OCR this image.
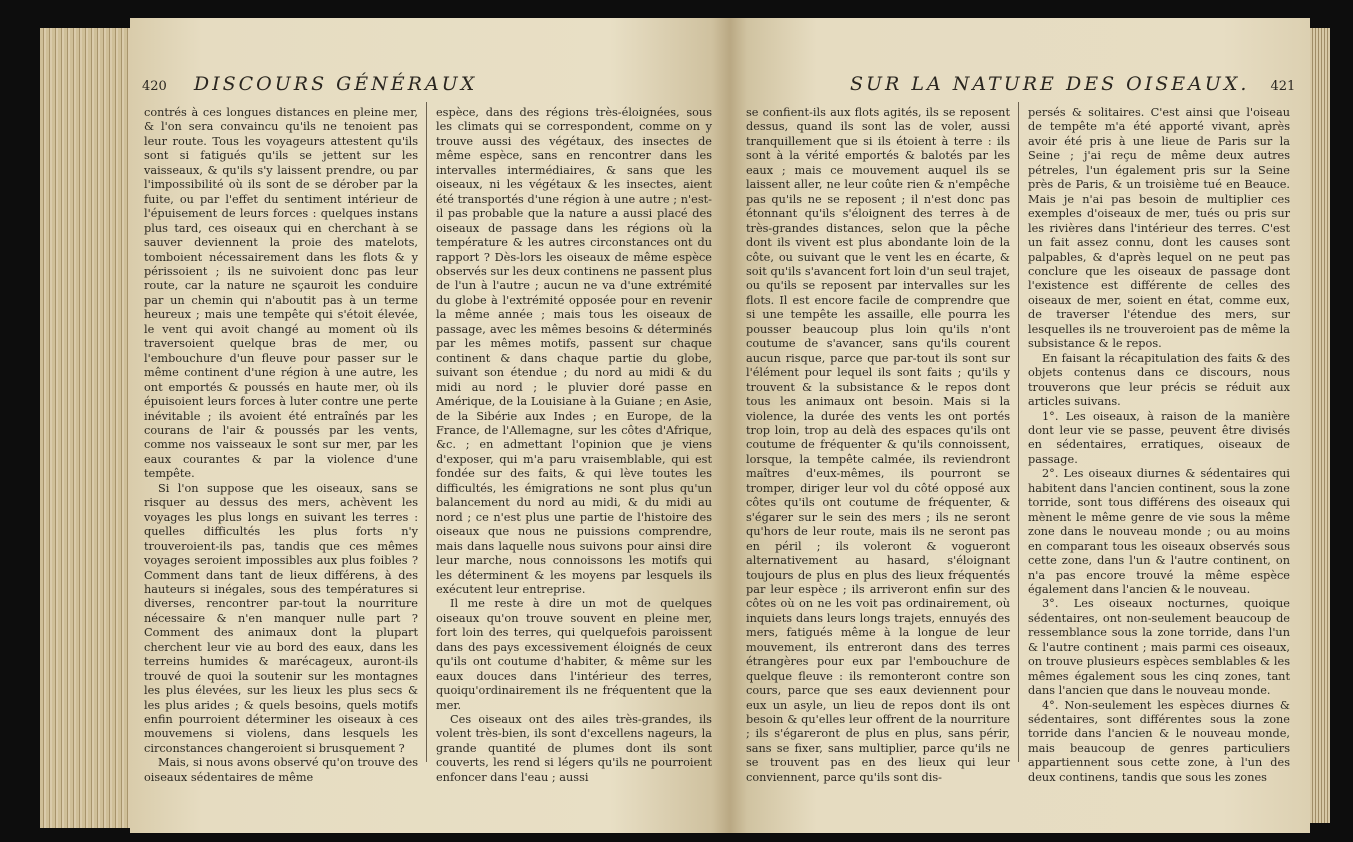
420 DISCOURS GÉNÉRAUX

contrés à ces longues distances en pleine mer, & l'on sera convaincu qu'ils ne tenoient pas leur route. Tous les voyageurs attestent qu'ils sont si fatigués qu'ils se jettent sur les vaisseaux, & qu'ils s'y laissent prendre, ou par l'impossibilité où ils sont de se dérober par la fuite, ou par l'effet du sentiment intérieur de l'épuisement de leurs forces : quelques instans plus tard, ces oiseaux qui en cherchant à se sauver deviennent la proie des matelots, tomboient nécessairement dans les flots & y périssoient ; ils ne suivoient donc pas leur route, car la nature ne sçauroit les conduire par un chemin qui n'aboutit pas à un terme heureux ; mais une tempête qui s'étoit élevée, le vent qui avoit changé au moment où ils traversoient quelque bras de mer, ou l'embouchure d'un fleuve pour passer sur le même continent d'une région à une autre, les ont emportés & poussés en haute mer, où ils épuisoient leurs forces à luter contre une perte inévitable ; ils avoient été entraînés par les courans de l'air & poussés par les vents, comme nos vaisseaux le sont sur mer, par les eaux courantes & par la violence d'une tempête.

Si l'on suppose que les oiseaux, sans se risquer au dessus des mers, achèvent les voyages les plus longs en suivant les terres : quelles difficultés les plus forts n'y trouveroient-ils pas, tandis que ces mêmes voyages seroient impossibles aux plus foibles ? Comment dans tant de lieux différens, à des hauteurs si inégales, sous des températures si diverses, rencontrer par-tout la nourriture nécessaire & n'en manquer nulle part ? Comment des animaux dont la plupart cherchent leur vie au bord des eaux, dans les terreins humides & marécageux, auront-ils trouvé de quoi la soutenir sur les montagnes les plus élevées, sur les lieux les plus secs & les plus arides ; & quels besoins, quels motifs enfin pourroient déterminer les oiseaux à ces mouvemens si violens, dans lesquels les circonstances changeroient si brusquement ?

Mais, si nous avons observé qu'on trouve des oiseaux sédentaires de même

espèce, dans des régions très-éloignées, sous les climats qui se correspondent, comme on y trouve aussi des végétaux, des insectes de même espèce, sans en rencontrer dans les intervalles intermédiaires, & sans que les oiseaux, ni les végétaux & les insectes, aient été transportés d'une région à une autre ; n'est-il pas probable que la nature a aussi placé des oiseaux de passage dans les régions où la température & les autres circonstances ont du rapport ? Dès-lors les oiseaux de même espèce observés sur les deux continens ne passent plus de l'un à l'autre ; aucun ne va d'une extrémité du globe à l'extrémité opposée pour en revenir la même année ; mais tous les oiseaux de passage, avec les mêmes besoins & déterminés par les mêmes motifs, passent sur chaque continent & dans chaque partie du globe, suivant son étendue ; du nord au midi & du midi au nord ; le pluvier doré passe en Amérique, de la Louisiane à la Guiane ; en Asie, de la Sibérie aux Indes ; en Europe, de la France, de l'Allemagne, sur les côtes d'Afrique, &c. ; en admettant l'opinion que je viens d'exposer, qui m'a paru vraisemblable, qui est fondée sur des faits, & qui lève toutes les difficultés, les émigrations ne sont plus qu'un balancement du nord au midi, & du midi au nord ; ce n'est plus une partie de l'histoire des oiseaux que nous ne puissions comprendre, mais dans laquelle nous suivons pour ainsi dire leur marche, nous connoissons les motifs qui les déterminent & les moyens par lesquels ils exécutent leur entreprise.

Il me reste à dire un mot de quelques oiseaux qu'on trouve souvent en pleine mer, fort loin des terres, qui quelquefois paroissent dans des pays excessivement éloignés de ceux qu'ils ont coutume d'habiter, & même sur les eaux douces dans l'intérieur des terres, quoiqu'ordinairement ils ne fréquentent que la mer.

Ces oiseaux ont des ailes très-grandes, ils volent très-bien, ils sont d'excellens nageurs, la grande quantité de plumes dont ils sont couverts, les rend si légers qu'ils ne pourroient enfoncer dans l'eau ; aussi

SUR LA NATURE DES OISEAUX. 421

se confient-ils aux flots agités, ils se reposent dessus, quand ils sont las de voler, aussi tranquillement que si ils étoient à terre : ils sont à la vérité emportés & balotés par les eaux ; mais ce mouvement auquel ils se laissent aller, ne leur coûte rien & n'empêche pas qu'ils ne se reposent ; il n'est donc pas étonnant qu'ils s'éloignent des terres à de très-grandes distances, selon que la pêche dont ils vivent est plus abondante loin de la côte, ou suivant que le vent les en écarte, & soit qu'ils s'avancent fort loin d'un seul trajet, ou qu'ils se reposent par intervalles sur les flots. Il est encore facile de comprendre que si une tempête les assaille, elle pourra les pousser beaucoup plus loin qu'ils n'ont coutume de s'avancer, sans qu'ils courent aucun risque, parce que par-tout ils sont sur l'élément pour lequel ils sont faits ; qu'ils y trouvent & la subsistance & le repos dont tous les animaux ont besoin. Mais si la violence, la durée des vents les ont portés trop loin, trop au delà des espaces qu'ils ont coutume de fréquenter & qu'ils connoissent, lorsque, la tempête calmée, ils reviendront maîtres d'eux-mêmes, ils pourront se tromper, diriger leur vol du côté opposé aux côtes qu'ils ont coutume de fréquenter, & s'égarer sur le sein des mers ; ils ne seront qu'hors de leur route, mais ils ne seront pas en péril ; ils voleront & vogueront alternativement au hasard, s'éloignant toujours de plus en plus des lieux fréquentés par leur espèce ; ils arriveront enfin sur des côtes où on ne les voit pas ordinairement, où inquiets dans leurs longs trajets, ennuyés des mers, fatigués même à la longue de leur mouvement, ils entreront dans des terres étrangères pour eux par l'embouchure de quelque fleuve : ils remonteront contre son cours, parce que ses eaux deviennent pour eux un asyle, un lieu de repos dont ils ont besoin & qu'elles leur offrent de la nourriture ; ils s'égareront de plus en plus, sans périr, sans se fixer, sans multiplier, parce qu'ils ne se trouvent pas en des lieux qui leur conviennent, parce qu'ils sont dis-

persés & solitaires. C'est ainsi que l'oiseau de tempête m'a été apporté vivant, après avoir été pris à une lieue de Paris sur la Seine ; j'ai reçu de même deux autres pétreles, l'un également pris sur la Seine près de Paris, & un troisième tué en Beauce. Mais je n'ai pas besoin de multiplier ces exemples d'oiseaux de mer, tués ou pris sur les rivières dans l'intérieur des terres. C'est un fait assez connu, dont les causes sont palpables, & d'après lequel on ne peut pas conclure que les oiseaux de passage dont l'existence est différente de celles des oiseaux de mer, soient en état, comme eux, de traverser l'étendue des mers, sur lesquelles ils ne trouveroient pas de même la subsistance & le repos.

En faisant la récapitulation des faits & des objets contenus dans ce discours, nous trouverons que leur précis se réduit aux articles suivans.

1°. Les oiseaux, à raison de la manière dont leur vie se passe, peuvent être divisés en sédentaires, erratiques, oiseaux de passage.

2°. Les oiseaux diurnes & sédentaires qui habitent dans l'ancien continent, sous la zone torride, sont tous différens des oiseaux qui mènent le même genre de vie sous la même zone dans le nouveau monde ; ou au moins en comparant tous les oiseaux observés sous cette zone, dans l'un & l'autre continent, on n'a pas encore trouvé la même espèce également dans l'ancien & le nouveau.

3°. Les oiseaux nocturnes, quoique sédentaires, ont non-seulement beaucoup de ressemblance sous la zone torride, dans l'un & l'autre continent ; mais parmi ces oiseaux, on trouve plusieurs espèces semblables & les mêmes également sous les cinq zones, tant dans l'ancien que dans le nouveau monde.

4°. Non-seulement les espèces diurnes & sédentaires, sont différentes sous la zone torride dans l'ancien & le nouveau monde, mais beaucoup de genres particuliers appartiennent sous cette zone, à l'un des deux continens, tandis que sous les zones
